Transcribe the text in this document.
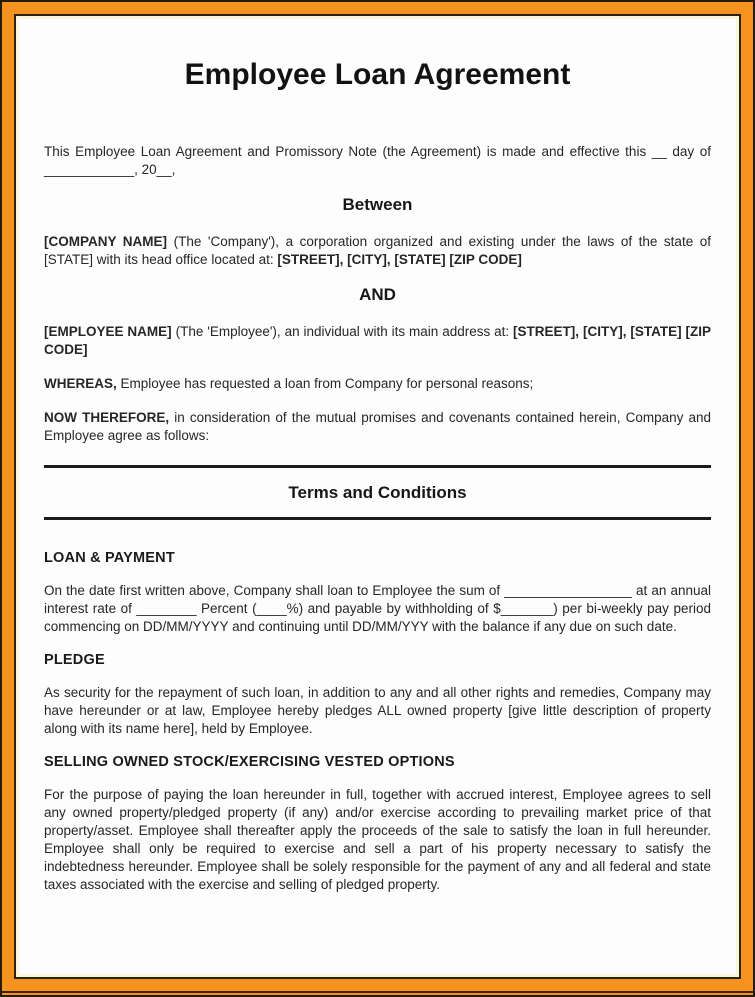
Employee Loan Agreement

This Employee Loan Agreement and Promissory Note (the Agreement) is made and effective this __ day of ____________, 20__,

Between

[COMPANY NAME] (The 'Company'), a corporation organized and existing under the laws of the state of [STATE] with its head office located at: [STREET], [CITY], [STATE] [ZIP CODE]

AND

[EMPLOYEE NAME] (The 'Employee'), an individual with its main address at: [STREET], [CITY], [STATE] [ZIP CODE]

WHEREAS, Employee has requested a loan from Company for personal reasons;

NOW THEREFORE, in consideration of the mutual promises and covenants contained herein, Company and Employee agree as follows:

Terms and Conditions
LOAN & PAYMENT

On the date first written above, Company shall loan to Employee the sum of _________________ at an annual interest rate of ________ Percent (____%) and payable by withholding of $_______) per bi-weekly pay period commencing on DD/MM/YYYY and continuing until DD/MM/YYY with the balance if any due on such date.

PLEDGE

As security for the repayment of such loan, in addition to any and all other rights and remedies, Company may have hereunder or at law, Employee hereby pledges ALL owned property [give little description of property along with its name here], held by Employee.

SELLING OWNED STOCK/EXERCISING VESTED OPTIONS

For the purpose of paying the loan hereunder in full, together with accrued interest, Employee agrees to sell any owned property/pledged property (if any) and/or exercise according to prevailing market price of that property/asset. Employee shall thereafter apply the proceeds of the sale to satisfy the loan in full hereunder. Employee shall only be required to exercise and sell a part of his property necessary to satisfy the indebtedness hereunder. Employee shall be solely responsible for the payment of any and all federal and state taxes associated with the exercise and selling of pledged property.
